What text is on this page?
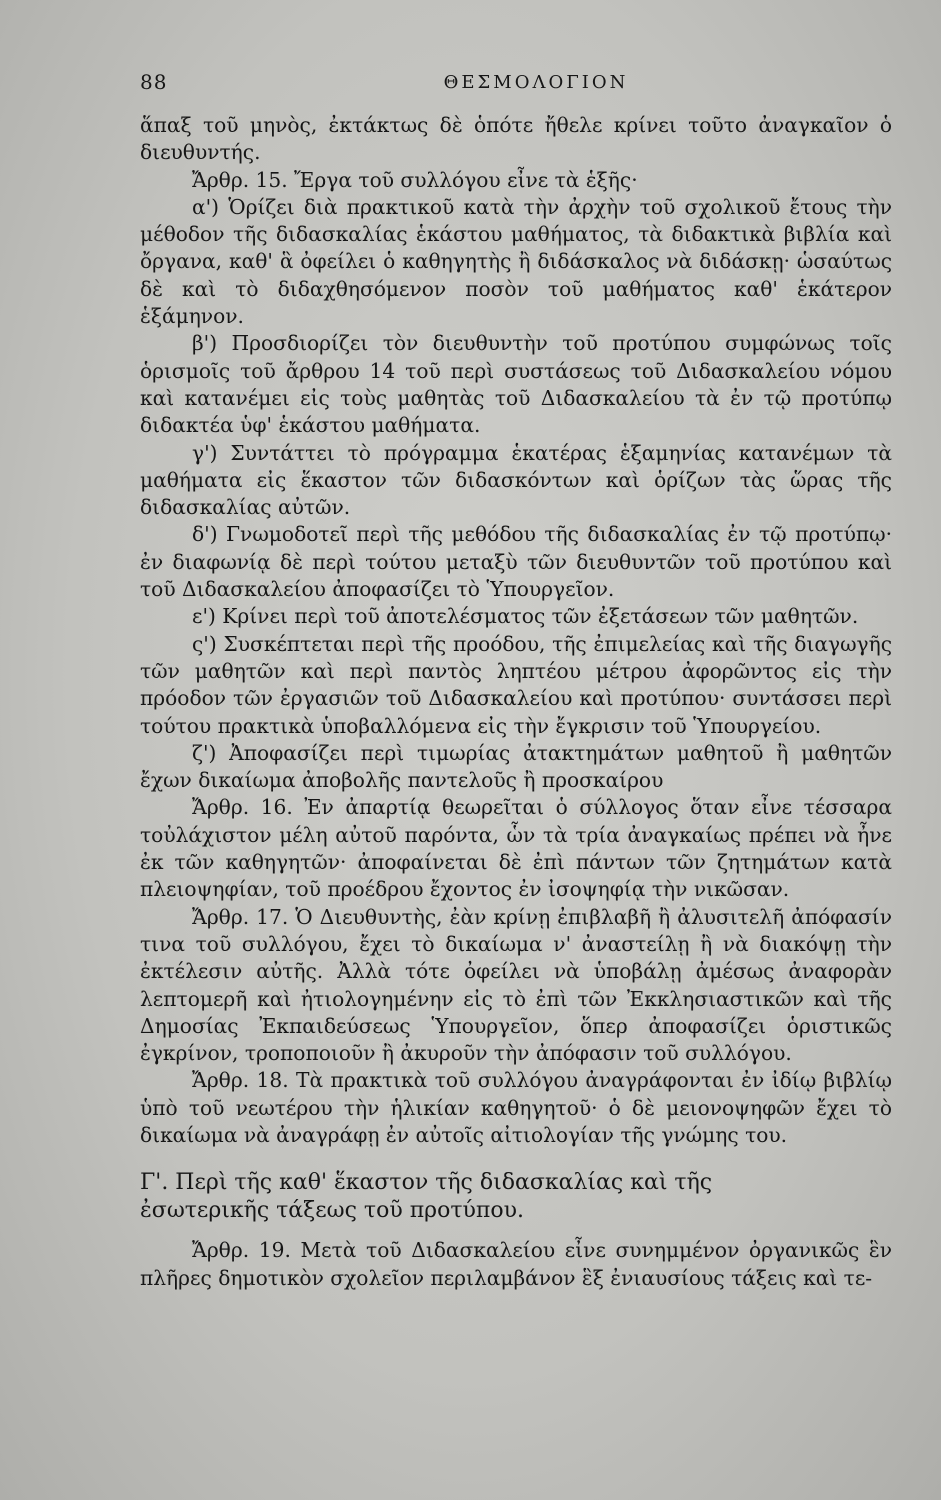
88	ΘΕΣΜΟΛΟΓΙΟΝ

ἅπαξ τοῦ μηνὸς, ἐκτάκτως δὲ ὁπότε ἤθελε κρίνει τοῦτο ἀναγκαῖον ὁ διευθυντής.

Ἄρθρ. 15. Ἔργα τοῦ συλλόγου εἶνε τὰ ἑξῆς·

α') Ὁρίζει διὰ πρακτικοῦ κατὰ τὴν ἀρχὴν τοῦ σχολικοῦ ἔτους τὴν μέθοδον τῆς διδασκαλίας ἑκάστου μαθήματος, τὰ διδακτικὰ βιβλία καὶ ὄργανα, καθ' ἃ ὀφείλει ὁ καθηγητὴς ἢ διδάσκαλος νὰ διδάσκῃ· ὡσαύτως δὲ καὶ τὸ διδαχθησόμενον ποσὸν τοῦ μαθήματος καθ' ἑκάτερον ἑξάμηνον.

β') Προσδιορίζει τὸν διευθυντὴν τοῦ προτύπου συμφώνως τοῖς ὁρισμοῖς τοῦ ἄρθρου 14 τοῦ περὶ συστάσεως τοῦ Διδασκαλείου νόμου καὶ κατανέμει εἰς τοὺς μαθητὰς τοῦ Διδασκαλείου τὰ ἐν τῷ προτύπῳ διδακτέα ὑφ' ἑκάστου μαθήματα.

γ') Συντάττει τὸ πρόγραμμα ἑκατέρας ἑξαμηνίας κατανέμων τὰ μαθήματα εἰς ἕκαστον τῶν διδασκόντων καὶ ὁρίζων τὰς ὥρας τῆς διδασκαλίας αὐτῶν.

δ') Γνωμοδοτεῖ περὶ τῆς μεθόδου τῆς διδασκαλίας ἐν τῷ προτύπῳ· ἐν διαφωνίᾳ δὲ περὶ τούτου μεταξὺ τῶν διευθυντῶν τοῦ προτύπου καὶ τοῦ Διδασκαλείου ἀποφασίζει τὸ Ὑπουργεῖον.

ε') Κρίνει περὶ τοῦ ἀποτελέσματος τῶν ἐξετάσεων τῶν μαθητῶν.

ς') Συσκέπτεται περὶ τῆς προόδου, τῆς ἐπιμελείας καὶ τῆς διαγωγῆς τῶν μαθητῶν καὶ περὶ παντὸς ληπτέου μέτρου ἀφορῶντος εἰς τὴν πρόοδον τῶν ἐργασιῶν τοῦ Διδασκαλείου καὶ προτύπου· συντάσσει περὶ τούτου πρακτικὰ ὑποβαλλόμενα εἰς τὴν ἔγκρισιν τοῦ Ὑπουργείου.

ζ') Ἀποφασίζει περὶ τιμωρίας ἀτακτημάτων μαθητοῦ ἢ μαθητῶν ἔχων δικαίωμα ἀποβολῆς παντελοῦς ἢ προσκαίρου

Ἄρθρ. 16. Ἐν ἀπαρτίᾳ θεωρεῖται ὁ σύλλογος ὅταν εἶνε τέσσαρα τοὐλάχιστον μέλη αὐτοῦ παρόντα, ὧν τὰ τρία ἀναγκαίως πρέπει νὰ ἦνε ἐκ τῶν καθηγητῶν· ἀποφαίνεται δὲ ἐπὶ πάντων τῶν ζητημάτων κατὰ πλειοψηφίαν, τοῦ προέδρου ἔχοντος ἐν ἰσοψηφίᾳ τὴν νικῶσαν.

Ἄρθρ. 17. Ὁ Διευθυντὴς, ἐὰν κρίνῃ ἐπιβλαβῆ ἢ ἀλυσιτελῆ ἀπόφασίν τινα τοῦ συλλόγου, ἔχει τὸ δικαίωμα ν' ἀναστείλῃ ἢ νὰ διακόψῃ τὴν ἐκτέλεσιν αὐτῆς. Ἀλλὰ τότε ὀφείλει νὰ ὑποβάλῃ ἀμέσως ἀναφορὰν λεπτομερῆ καὶ ἠτιολογημένην εἰς τὸ ἐπὶ τῶν Ἐκκλησιαστικῶν καὶ τῆς Δημοσίας Ἐκπαιδεύσεως Ὑπουργεῖον, ὅπερ ἀποφασίζει ὁριστικῶς ἐγκρίνον, τροποποιοῦν ἢ ἀκυροῦν τὴν ἀπόφασιν τοῦ συλλόγου.

Ἄρθρ. 18. Τὰ πρακτικὰ τοῦ συλλόγου ἀναγράφονται ἐν ἰδίῳ βιβλίῳ ὑπὸ τοῦ νεωτέρου τὴν ἡλικίαν καθηγητοῦ· ὁ δὲ μειονοψηφῶν ἔχει τὸ δικαίωμα νὰ ἀναγράφῃ ἐν αὐτοῖς αἰτιολογίαν τῆς γνώμης του.

Γ'. Περὶ τῆς καθ' ἕκαστον τῆς διδασκαλίας καὶ τῆς
ἐσωτερικῆς τάξεως τοῦ προτύπου.

Ἄρθρ. 19. Μετὰ τοῦ Διδασκαλείου εἶνε συνημμένον ὀργανικῶς ἓν πλῆρες δημοτικὸν σχολεῖον περιλαμβάνον ἓξ ἐνιαυσίους τάξεις καὶ τε-
